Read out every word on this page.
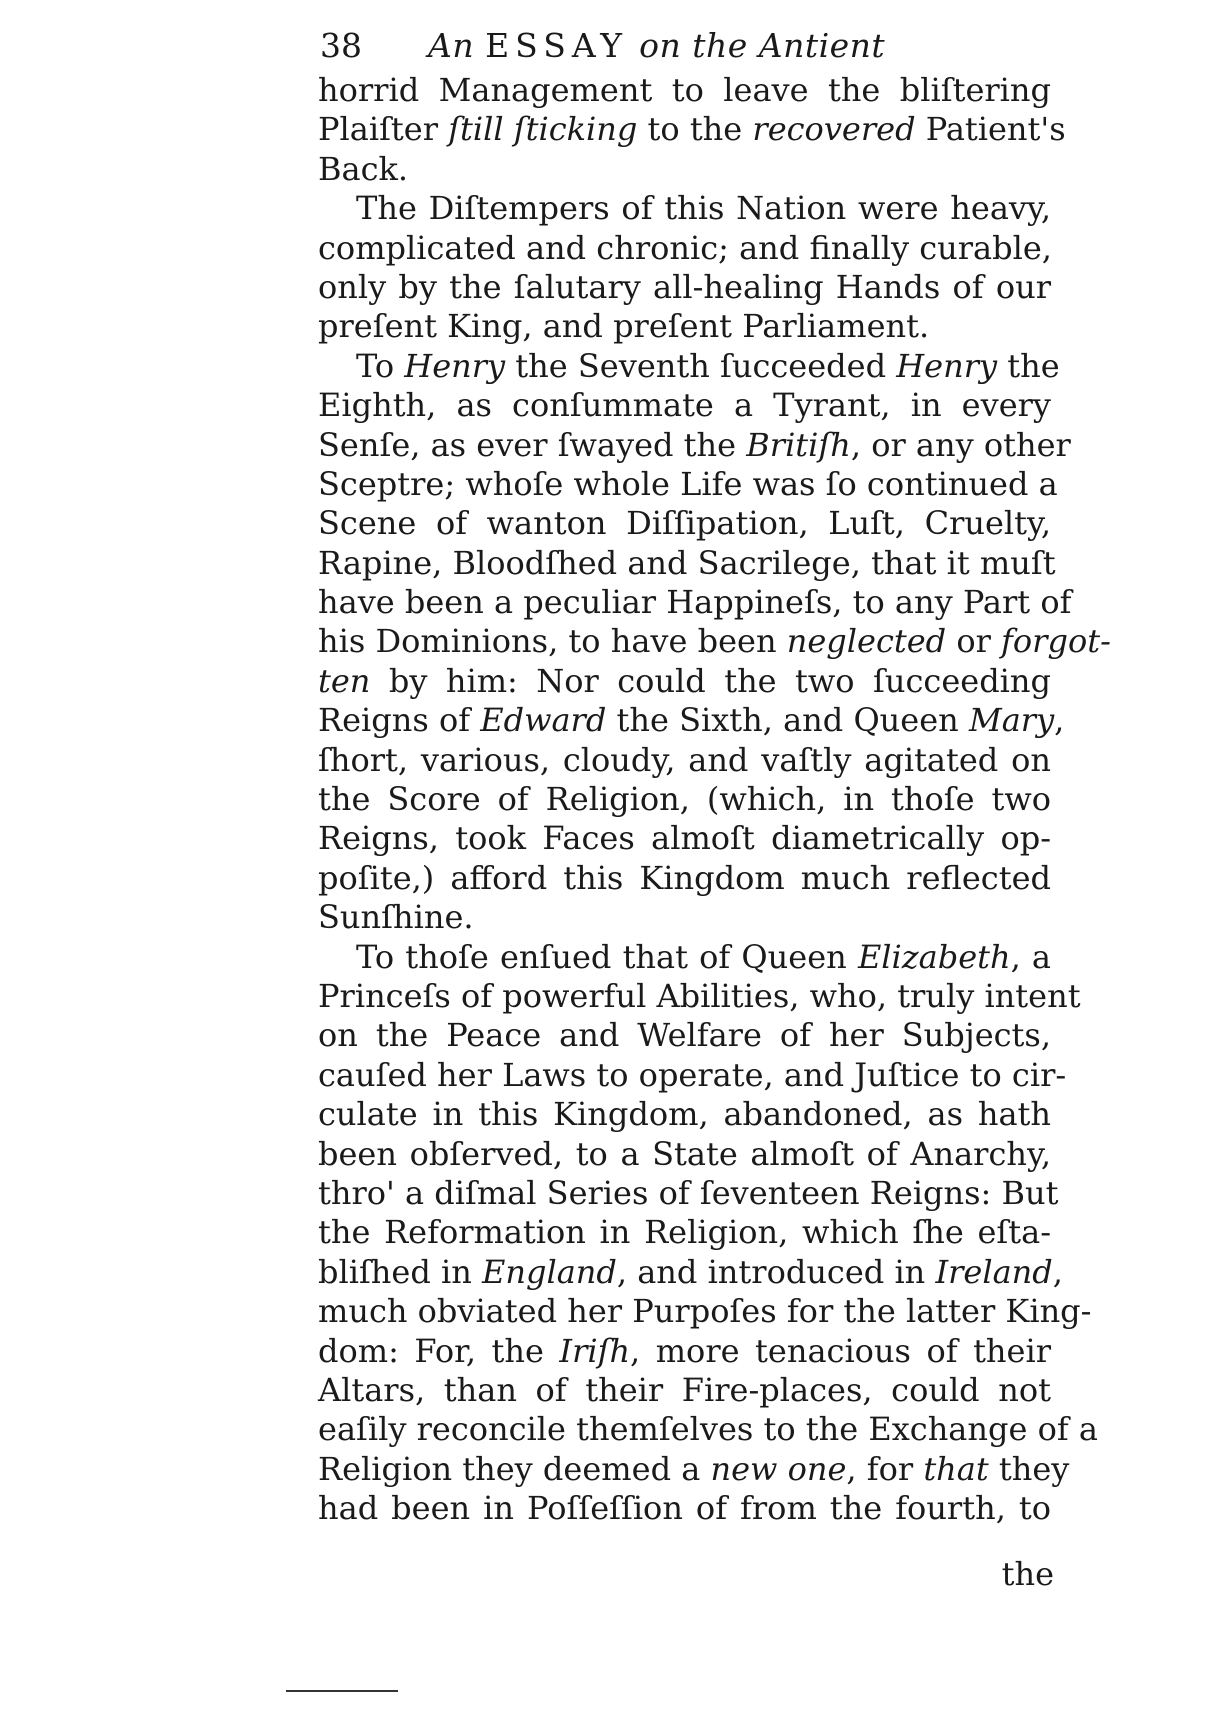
38 An ESSAY on the Antient
horrid Management to leave the bliſtering
Plaiſter ſtill ſticking to the recovered Patient's
Back.
The Diſtempers of this Nation were heavy,
complicated and chronic; and finally curable,
only by the ſalutary all-healing Hands of our
preſent King, and preſent Parliament.
To Henry the Seventh ſucceeded Henry the
Eighth, as conſummate a Tyrant, in every
Senſe, as ever ſwayed the Britiſh, or any other
Sceptre; whoſe whole Life was ſo continued a
Scene of wanton Diſſipation, Luſt, Cruelty,
Rapine, Bloodſhed and Sacrilege, that it muſt
have been a peculiar Happineſs, to any Part of
his Dominions, to have been neglected or forgot-
ten by him: Nor could the two ſucceeding
Reigns of Edward the Sixth, and Queen Mary,
ſhort, various, cloudy, and vaſtly agitated on
the Score of Religion, (which, in thoſe two
Reigns, took Faces almoſt diametrically op-
poſite,) afford this Kingdom much reflected
Sunſhine.
To thoſe enſued that of Queen Elizabeth, a
Princeſs of powerful Abilities, who, truly intent
on the Peace and Welfare of her Subjects,
cauſed her Laws to operate, and Juſtice to cir-
culate in this Kingdom, abandoned, as hath
been obſerved, to a State almoſt of Anarchy,
thro' a diſmal Series of ſeventeen Reigns: But
the Reformation in Religion, which ſhe eſta-
bliſhed in England, and introduced in Ireland,
much obviated her Purpoſes for the latter King-
dom: For, the Iriſh, more tenacious of their
Altars, than of their Fire-places, could not
eaſily reconcile themſelves to the Exchange of a
Religion they deemed a new one, for that they
had been in Poſſeſſion of from the fourth, to
the
